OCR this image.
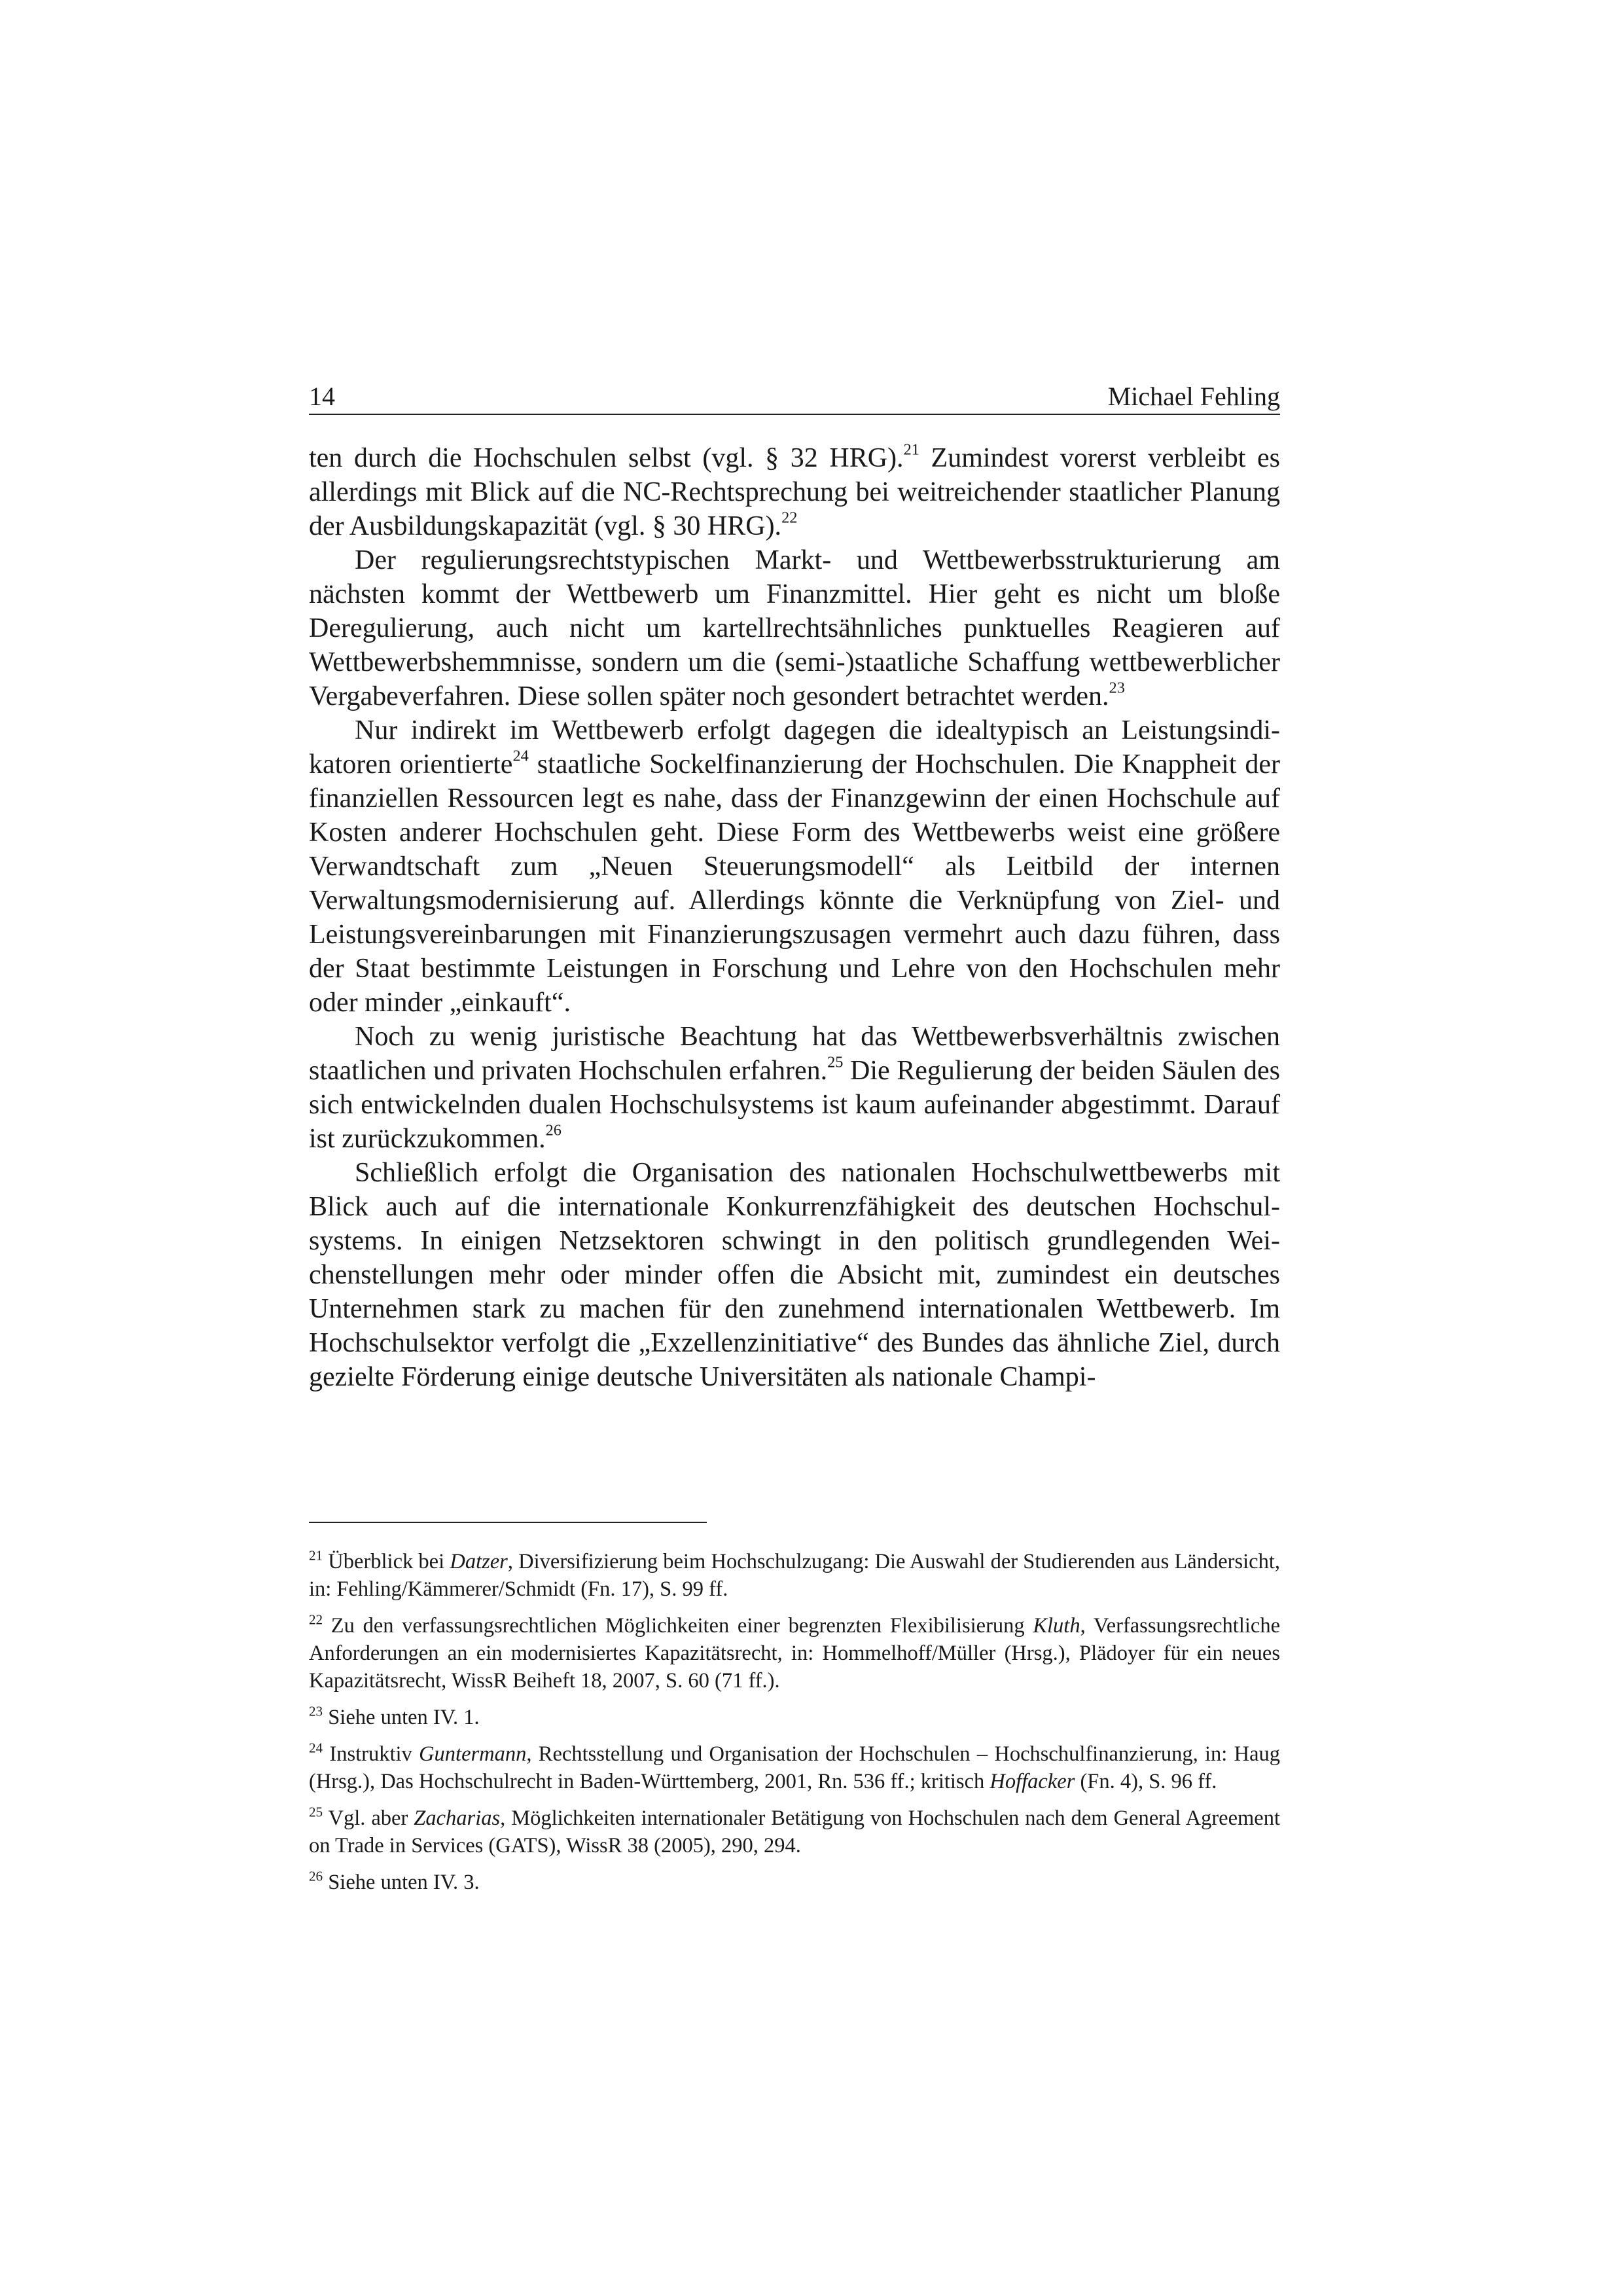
14	Michael Fehling

ten durch die Hochschulen selbst (vgl. § 32 HRG).$^{21}$ Zumindest vorerst verbleibt es allerdings mit Blick auf die NC-Rechtsprechung bei weitreichender staatlicher Planung der Ausbildungskapazität (vgl. § 30 HRG).$^{22}$

Der regulierungsrechtstypischen Markt- und Wettbewerbsstrukturierung am nächsten kommt der Wettbewerb um Finanzmittel. Hier geht es nicht um bloße Deregulierung, auch nicht um kartellrechtsähnliches punktuelles Reagieren auf Wettbewerbshemmnisse, sondern um die (semi-)staatliche Schaffung wettbewerblicher Vergabeverfahren. Diese sollen später noch gesondert betrachtet werden.$^{23}$

Nur indirekt im Wettbewerb erfolgt dagegen die idealtypisch an Leistungsindikatoren orientierte$^{24}$ staatliche Sockelfinanzierung der Hochschulen. Die Knappheit der finanziellen Ressourcen legt es nahe, dass der Finanzgewinn der einen Hochschule auf Kosten anderer Hochschulen geht. Diese Form des Wettbewerbs weist eine größere Verwandtschaft zum „Neuen Steuerungsmodell“ als Leitbild der internen Verwaltungsmodernisierung auf. Allerdings könnte die Verknüpfung von Ziel- und Leistungsvereinbarungen mit Finanzierungszusagen vermehrt auch dazu führen, dass der Staat bestimmte Leistungen in Forschung und Lehre von den Hochschulen mehr oder minder „einkauft“.

Noch zu wenig juristische Beachtung hat das Wettbewerbsverhältnis zwischen staatlichen und privaten Hochschulen erfahren.$^{25}$ Die Regulierung der beiden Säulen des sich entwickelnden dualen Hochschulsystems ist kaum aufeinander abgestimmt. Darauf ist zurückzukommen.$^{26}$

Schließlich erfolgt die Organisation des nationalen Hochschulwettbewerbs mit Blick auch auf die internationale Konkurrenzfähigkeit des deutschen Hochschulsystems. In einigen Netzsektoren schwingt in den politisch grundlegenden Weichenstellungen mehr oder minder offen die Absicht mit, zumindest ein deutsches Unternehmen stark zu machen für den zunehmend internationalen Wettbewerb. Im Hochschulsektor verfolgt die „Exzellenzinitiative“ des Bundes das ähnliche Ziel, durch gezielte Förderung einige deutsche Universitäten als nationale Champi-

$^{21}$ Überblick bei Datzer, Diversifizierung beim Hochschulzugang: Die Auswahl der Studierenden aus Ländersicht, in: Fehling/Kämmerer/Schmidt (Fn. 17), S. 99 ff.

$^{22}$ Zu den verfassungsrechtlichen Möglichkeiten einer begrenzten Flexibilisierung Kluth, Verfassungsrechtliche Anforderungen an ein modernisiertes Kapazitätsrecht, in: Hommelhoff/Müller (Hrsg.), Plädoyer für ein neues Kapazitätsrecht, WissR Beiheft 18, 2007, S. 60 (71 ff.).

$^{23}$ Siehe unten IV. 1.

$^{24}$ Instruktiv Guntermann, Rechtsstellung und Organisation der Hochschulen – Hochschulfinanzierung, in: Haug (Hrsg.), Das Hochschulrecht in Baden-Württemberg, 2001, Rn. 536 ff.; kritisch Hoffacker (Fn. 4), S. 96 ff.

$^{25}$ Vgl. aber Zacharias, Möglichkeiten internationaler Betätigung von Hochschulen nach dem General Agreement on Trade in Services (GATS), WissR 38 (2005), 290, 294.

$^{26}$ Siehe unten IV. 3.
